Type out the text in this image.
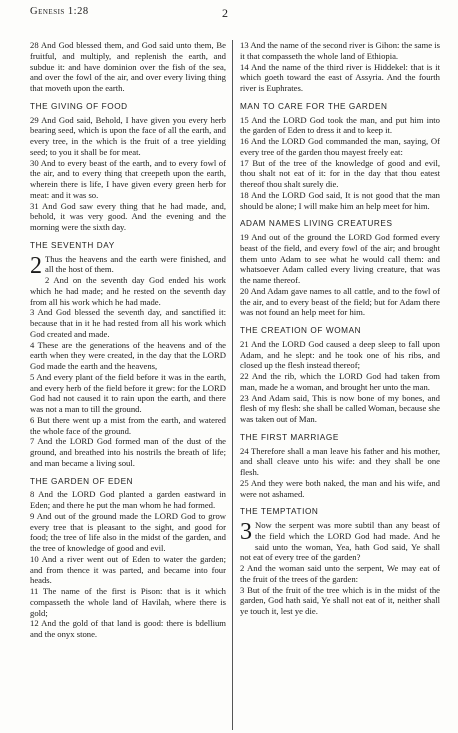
Genesis 1:28	2

28 And God blessed them, and God said unto them, Be fruitful, and multiply, and replenish the earth, and subdue it: and have dominion over the fish of the sea, and over the fowl of the air, and over every living thing that moveth upon the earth.

THE GIVING OF FOOD

29 And God said, Behold, I have given you every herb bearing seed, which is upon the face of all the earth, and every tree, in the which is the fruit of a tree yielding seed; to you it shall be for meat.

30 And to every beast of the earth, and to every fowl of the air, and to every thing that creepeth upon the earth, wherein there is life, I have given every green herb for meat: and it was so.

31 And God saw every thing that he had made, and, behold, it was very good. And the evening and the morning were the sixth day.

THE SEVENTH DAY

2 Thus the heavens and the earth were finished, and all the host of them.

2 And on the seventh day God ended his work which he had made; and he rested on the seventh day from all his work which he had made.

3 And God blessed the seventh day, and sanctified it: because that in it he had rested from all his work which God created and made.

4 These are the generations of the heavens and of the earth when they were created, in the day that the LORD God made the earth and the heavens,

5 And every plant of the field before it was in the earth, and every herb of the field before it grew: for the LORD God had not caused it to rain upon the earth, and there was not a man to till the ground.

6 But there went up a mist from the earth, and watered the whole face of the ground.

7 And the LORD God formed man of the dust of the ground, and breathed into his nostrils the breath of life; and man became a living soul.

THE GARDEN OF EDEN

8 And the LORD God planted a garden eastward in Eden; and there he put the man whom he had formed.

9 And out of the ground made the LORD God to grow every tree that is pleasant to the sight, and good for food; the tree of life also in the midst of the garden, and the tree of knowledge of good and evil.

10 And a river went out of Eden to water the garden; and from thence it was parted, and became into four heads.

11 The name of the first is Pison: that is it which compasseth the whole land of Havilah, where there is gold;

12 And the gold of that land is good: there is bdellium and the onyx stone.

13 And the name of the second river is Gihon: the same is it that compasseth the whole land of Ethiopia.

14 And the name of the third river is Hiddekel: that is it which goeth toward the east of Assyria. And the fourth river is Euphrates.

MAN TO CARE FOR THE GARDEN

15 And the LORD God took the man, and put him into the garden of Eden to dress it and to keep it.

16 And the LORD God commanded the man, saying, Of every tree of the garden thou mayest freely eat:

17 But of the tree of the knowledge of good and evil, thou shalt not eat of it: for in the day that thou eatest thereof thou shalt surely die.

18 And the LORD God said, It is not good that the man should be alone; I will make him an help meet for him.

ADAM NAMES LIVING CREATURES

19 And out of the ground the LORD God formed every beast of the field, and every fowl of the air; and brought them unto Adam to see what he would call them: and whatsoever Adam called every living creature, that was the name thereof.

20 And Adam gave names to all cattle, and to the fowl of the air, and to every beast of the field; but for Adam there was not found an help meet for him.

THE CREATION OF WOMAN

21 And the LORD God caused a deep sleep to fall upon Adam, and he slept: and he took one of his ribs, and closed up the flesh instead thereof;

22 And the rib, which the LORD God had taken from man, made he a woman, and brought her unto the man.

23 And Adam said, This is now bone of my bones, and flesh of my flesh: she shall be called Woman, because she was taken out of Man.

THE FIRST MARRIAGE

24 Therefore shall a man leave his father and his mother, and shall cleave unto his wife: and they shall be one flesh.

25 And they were both naked, the man and his wife, and were not ashamed.

THE TEMPTATION

3 Now the serpent was more subtil than any beast of the field which the LORD God had made. And he said unto the woman, Yea, hath God said, Ye shall not eat of every tree of the garden?

2 And the woman said unto the serpent, We may eat of the fruit of the trees of the garden:

3 But of the fruit of the tree which is in the midst of the garden, God hath said, Ye shall not eat of it, neither shall ye touch it, lest ye die.
